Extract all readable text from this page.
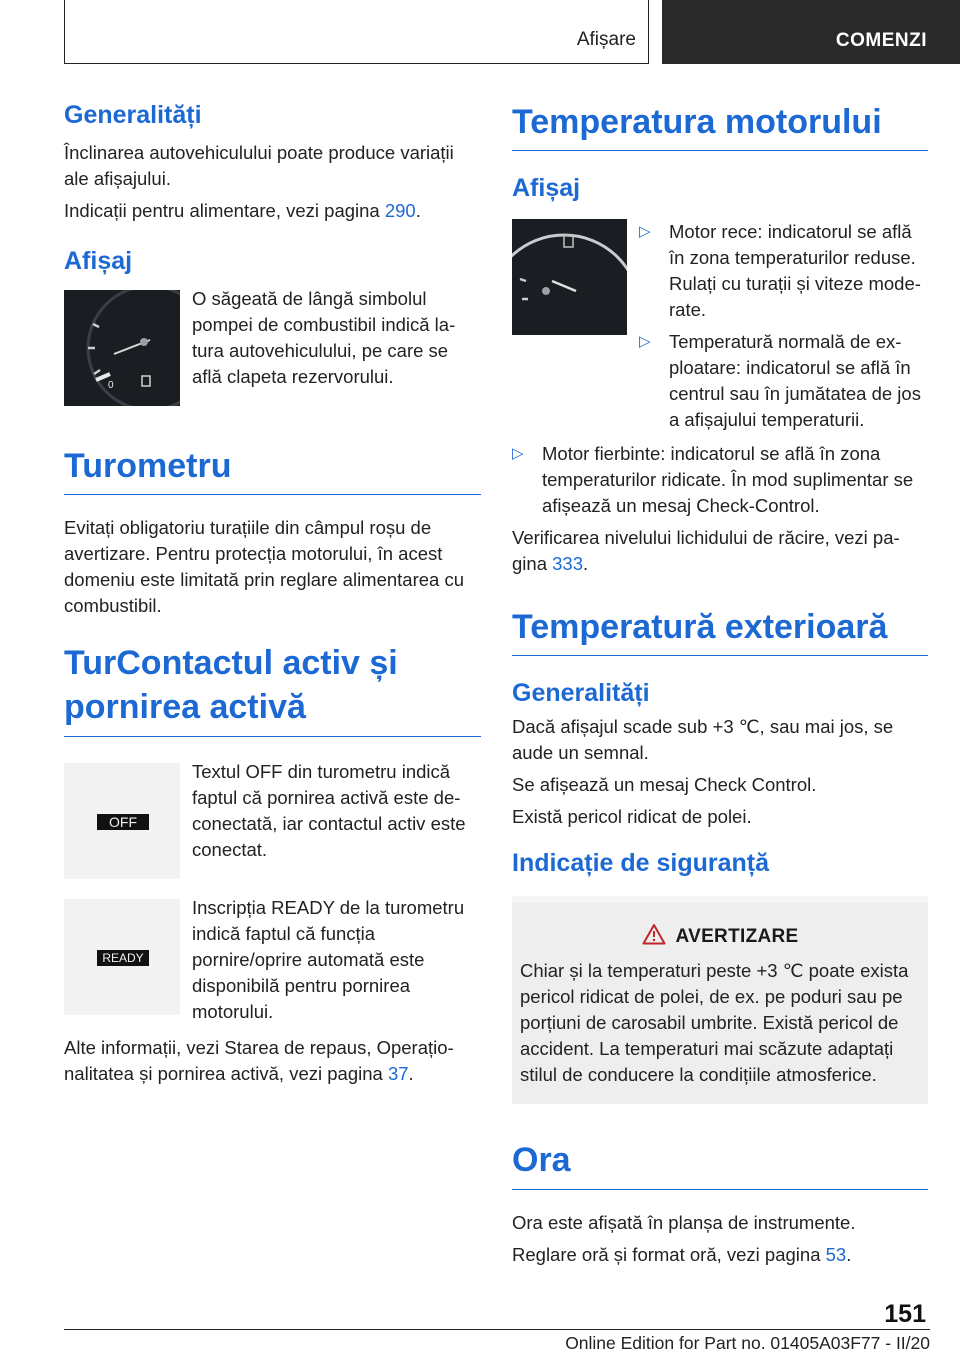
Afișare	COMENZI
Generalități

Înclinarea autovehiculului poate produce variații ale afișajului.

Indicații pentru alimentare, vezi pagina 290.

Afișaj
0
O săgeată de lângă simbolul pompei de combustibil indică la-tura autovehiculului, pe care se află clapeta rezervorului.
Turometru

Evitați obligatoriu turațiile din câmpul roșu de avertizare. Pentru protecția motorului, în acest domeniu este limitată prin reglare alimentarea cu combustibil.

TurContactul activ și pornirea activă
OFF
Textul OFF din turometru indică faptul că pornirea activă este de-conectată, iar contactul activ este conectat.
READY
Inscripția READY de la turometru indică faptul că funcția pornire/oprire automată este disponibilă pentru pornirea motorului.

Alte informații, vezi Starea de repaus, Operațio-nalitatea și pornirea activă, vezi pagina 37.

Temperatura motorului
Afișaj
▷ Motor rece: indicatorul se află în zona temperaturilor reduse. Rulați cu turații și viteze mode-rate.
▷ Temperatură normală de ex-ploatare: indicatorul se află în centrul sau în jumătatea de jos a afișajului temperaturii.
▷ Motor fierbinte: indicatorul se află în zona temperaturilor ridicate. În mod suplimentar se afișează un mesaj Check-Control.

Verificarea nivelului lichidului de răcire, vezi pa-gina 333.

Temperatură exterioară
Generalități

Dacă afișajul scade sub +3 ℃, sau mai jos, se aude un semnal.

Se afișează un mesaj Check Control.

Există pericol ridicat de polei.

Indicație de siguranță
AVERTIZARE

Chiar și la temperaturi peste +3 ℃ poate exista pericol ridicat de polei, de ex. pe poduri sau pe porțiuni de carosabil umbrite. Există pericol de accident. La temperaturi mai scăzute adaptați stilul de conducere la condițiile atmosferice.

Ora

Ora este afișată în planșa de instrumente.

Reglare oră și format oră, vezi pagina 53.

151
Online Edition for Part no. 01405A03F77 - II/20
